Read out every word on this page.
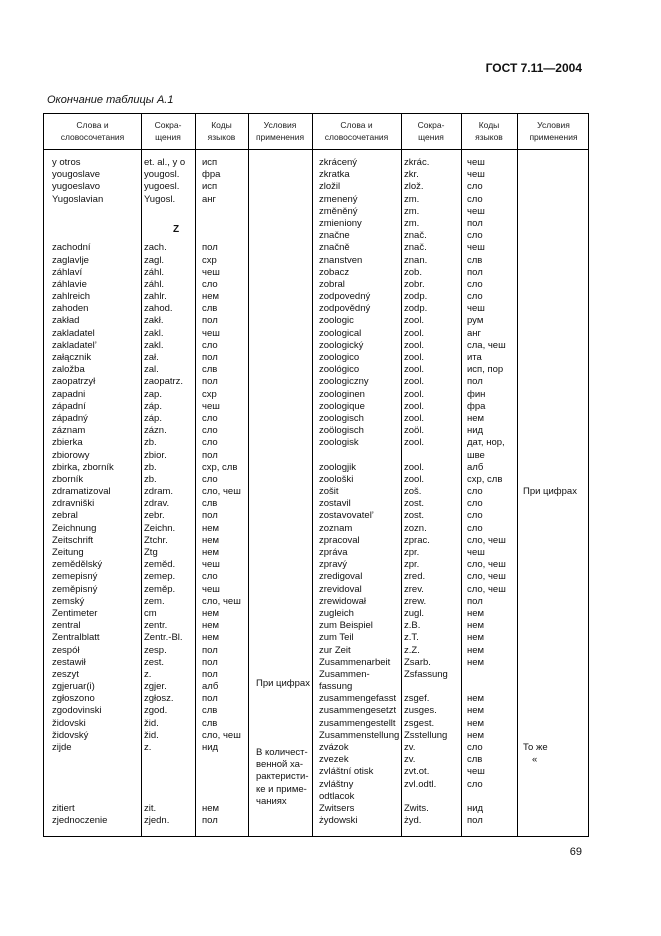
ГОСТ 7.11—2004
Окончание таблицы А.1
Слова и
словосочетания
Сокра-
щения
Коды
языков
Условия
применения
Слова и
словосочетания
Сокра-
щения
Коды
языков
Условия
применения
Z
y otros
yougoslave
yugoeslavo
Yugoslavian
zachodní
zaglavlje
záhlaví
záhlavie
zahlreich
zahoden
zakład
zakladatel
zakladatel’
załącznik
založba
zaopatrzył
zapadni
západní
západný
záznam
zbierka
zbiorowy
zbirka, zborník
zborník
zdramatizoval
zdravniški
zebral
Zeichnung
Zeitschrift
Zeitung
zemědělský
zemepisný
zeměpisný
zemský
Zentimeter
zentral
Zentralblatt
zespół
zestawił
zeszyt
zgjeruar(i)
zgłoszono
zgodovinski
židovski
židovský
zijde
zitiert
zjednoczenie
et. al., y o
yougosl.
yugoesl.
Yugosl.
zach.
zagl.
záhl.
záhl.
zahlr.
zahod.
zakł.
zakl.
zakl.
zał.
zal.
zaopatrz.
zap.
záp.
záp.
zázn.
zb.
zbior.
zb.
zb.
zdram.
zdrav.
zebr.
Zeichn.
Ztchr.
Ztg
zeměd.
zemep.
zeměp.
zem.
cm
zentr.
Zentr.-Bl.
zesp.
zest.
z.
zgjer.
zgłosz.
zgod.
žid.
žid.
z.
zit.
zjedn.
исп
фра
исп
анг
пол
схр
чеш
сло
нем
слв
пол
чеш
сло
пол
слв
пол
схр
чеш
сло
сло
сло
пол
схр, слв
сло
сло, чеш
слв
пол
нем
нем
нем
чеш
сло
чеш
сло, чеш
нем
нем
нем
пол
пол
пол
алб
пол
слв
слв
сло, чеш
нид
нем
пол
При цифрах
В количест-
венной ха-
рактеристи-
ке и приме-
чаниях
zkrácený
zkratka
zložil
zmenený
změněný
zmieniony
značne
značně
znanstven
zobacz
zobral
zodpovedný
zodpovědný
zoologic
zoological
zoologický
zoologico
zoológico
zoologiczny
zoologinen
zoologique
zoologisch
zoölogisch
zoologisk
zoologjik
zoološki
zošit
zostavil
zostavovatel’
zoznam
zpracoval
zpráva
zpravý
zredigoval
zrevidoval
zrewidował
zugleich
zum Beispiel
zum Teil
zur Zeit
Zusammenarbeit
Zusammen-
fassung
zusammengefasst
zusammengesetzt
zusammengestellt
Zusammenstellung
zvázok
zvezek
zvláštní otisk
zvláštny
odtlacok
Zwitsers
żydowski
zkrác.
zkr.
zlož.
zm.
zm.
zm.
znač.
znač.
znan.
zob.
zobr.
zodp.
zodp.
zool.
zool.
zool.
zool.
zool.
zool.
zool.
zool.
zool.
zoöl.
zool.
zool.
zool.
zoš.
zost.
zost.
zozn.
zprac.
zpr.
zpr.
zred.
zrev.
zrew.
zugl.
z.B.
z.T.
z.Z.
Zsarb.
Zsfassung
zsgef.
zusges.
zsgest.
Zsstellung
zv.
zv.
zvt.ot.
zvl.odtl.
Zwits.
żyd.
чеш
чеш
сло
сло
чеш
пол
сло
чеш
слв
пол
сло
сло
чеш
рум
анг
сла, чеш
ита
исп, пор
пол
фин
фра
нем
нид
дат, нор,
шве
алб
схр, слв
сло
сло
сло
сло
сло, чеш
чеш
сло, чеш
сло, чеш
сло, чеш
пол
нем
нем
нем
нем
нем
нем
нем
нем
нем
сло
слв
чеш
сло
нид
пол
При цифрах
То же
«
69
